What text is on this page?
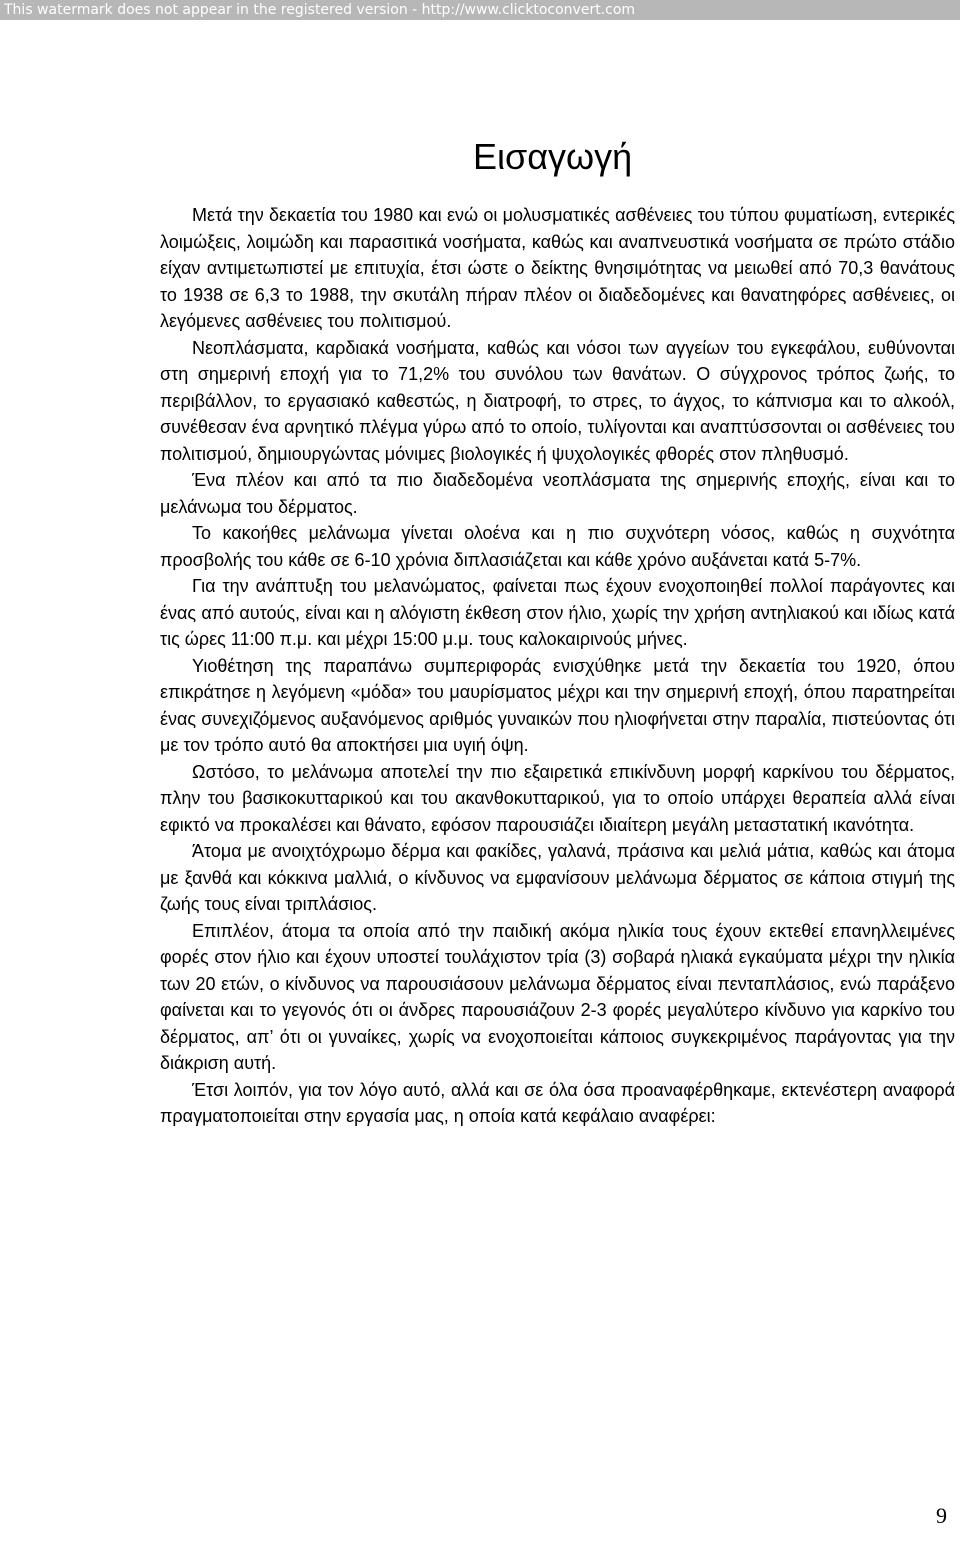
This watermark does not appear in the registered version - http://www.clicktoconvert.com
Εισαγωγή

Μετά την δεκαετία του 1980 και ενώ οι μολυσματικές ασθένειες του τύπου φυματίωση, εντερικές λοιμώξεις, λοιμώδη και παρασιτικά νοσήματα, καθώς και αναπνευστικά νοσήματα σε πρώτο στάδιο είχαν αντιμετωπιστεί με επιτυχία, έτσι ώστε ο δείκτης θνησιμότητας να μειωθεί από 70,3 θανάτους το 1938 σε 6,3 το 1988, την σκυτάλη πήραν πλέον οι διαδεδομένες και θανατηφόρες ασθένειες, οι λεγόμενες ασθένειες του πολιτισμού.

Νεοπλάσματα, καρδιακά νοσήματα, καθώς και νόσοι των αγγείων του εγκεφάλου, ευθύνονται στη σημερινή εποχή για το 71,2% του συνόλου των θανάτων. Ο σύγχρονος τρόπος ζωής, το περιβάλλον, το εργασιακό καθεστώς, η διατροφή, το στρες, το άγχος, το κάπνισμα και το αλκοόλ, συνέθεσαν ένα αρνητικό πλέγμα γύρω από το οποίο, τυλίγονται και αναπτύσσονται οι ασθένειες του πολιτισμού, δημιουργώντας μόνιμες βιολογικές ή ψυχολογικές φθορές στον πληθυσμό.

Ένα πλέον και από τα πιο διαδεδομένα νεοπλάσματα της σημερινής εποχής, είναι και το μελάνωμα του δέρματος.

Το κακοήθες μελάνωμα γίνεται ολοένα και η πιο συχνότερη νόσος, καθώς η συχνότητα προσβολής του κάθε σε 6-10 χρόνια διπλασιάζεται και κάθε χρόνο αυξάνεται κατά 5-7%.

Για την ανάπτυξη του μελανώματος, φαίνεται πως έχουν ενοχοποιηθεί πολλοί παράγοντες και ένας από αυτούς, είναι και η αλόγιστη έκθεση στον ήλιο, χωρίς την χρήση αντηλιακού και ιδίως κατά τις ώρες 11:00 π.μ. και μέχρι 15:00 μ.μ. τους καλοκαιρινούς μήνες.

Υιοθέτηση της παραπάνω συμπεριφοράς ενισχύθηκε μετά την δεκαετία του 1920, όπου επικράτησε η λεγόμενη «μόδα» του μαυρίσματος μέχρι και την σημερινή εποχή, όπου παρατηρείται ένας συνεχιζόμενος αυξανόμενος αριθμός γυναικών που ηλιοφήνεται στην παραλία, πιστεύοντας ότι με τον τρόπο αυτό θα αποκτήσει μια υγιή όψη.

Ωστόσο, το μελάνωμα αποτελεί την πιο εξαιρετικά επικίνδυνη μορφή καρκίνου του δέρματος, πλην του βασικοκυτταρικού και του ακανθοκυτταρικού, για το οποίο υπάρχει θεραπεία αλλά είναι εφικτό να προκαλέσει και θάνατο, εφόσον παρουσιάζει ιδιαίτερη μεγάλη μεταστατική ικανότητα.

Άτομα με ανοιχτόχρωμο δέρμα και φακίδες, γαλανά, πράσινα και μελιά μάτια, καθώς και άτομα με ξανθά και κόκκινα μαλλιά, ο κίνδυνος να εμφανίσουν μελάνωμα δέρματος σε κάποια στιγμή της ζωής τους είναι τριπλάσιος.

Επιπλέον, άτομα τα οποία από την παιδική ακόμα ηλικία τους έχουν εκτεθεί επανηλλειμένες φορές στον ήλιο και έχουν υποστεί τουλάχιστον τρία (3) σοβαρά ηλιακά εγκαύματα μέχρι την ηλικία των 20 ετών, ο κίνδυνος να παρουσιάσουν μελάνωμα δέρματος είναι πενταπλάσιος, ενώ παράξενο φαίνεται και το γεγονός ότι οι άνδρες παρουσιάζουν 2-3 φορές μεγαλύτερο κίνδυνο για καρκίνο του δέρματος, απ’ ότι οι γυναίκες, χωρίς να ενοχοποιείται κάποιος συγκεκριμένος παράγοντας για την διάκριση αυτή.

Έτσι λοιπόν, για τον λόγο αυτό, αλλά και σε όλα όσα προαναφέρθηκαμε, εκτενέστερη αναφορά πραγματοποιείται στην εργασία μας, η οποία κατά κεφάλαιο αναφέρει:

9
